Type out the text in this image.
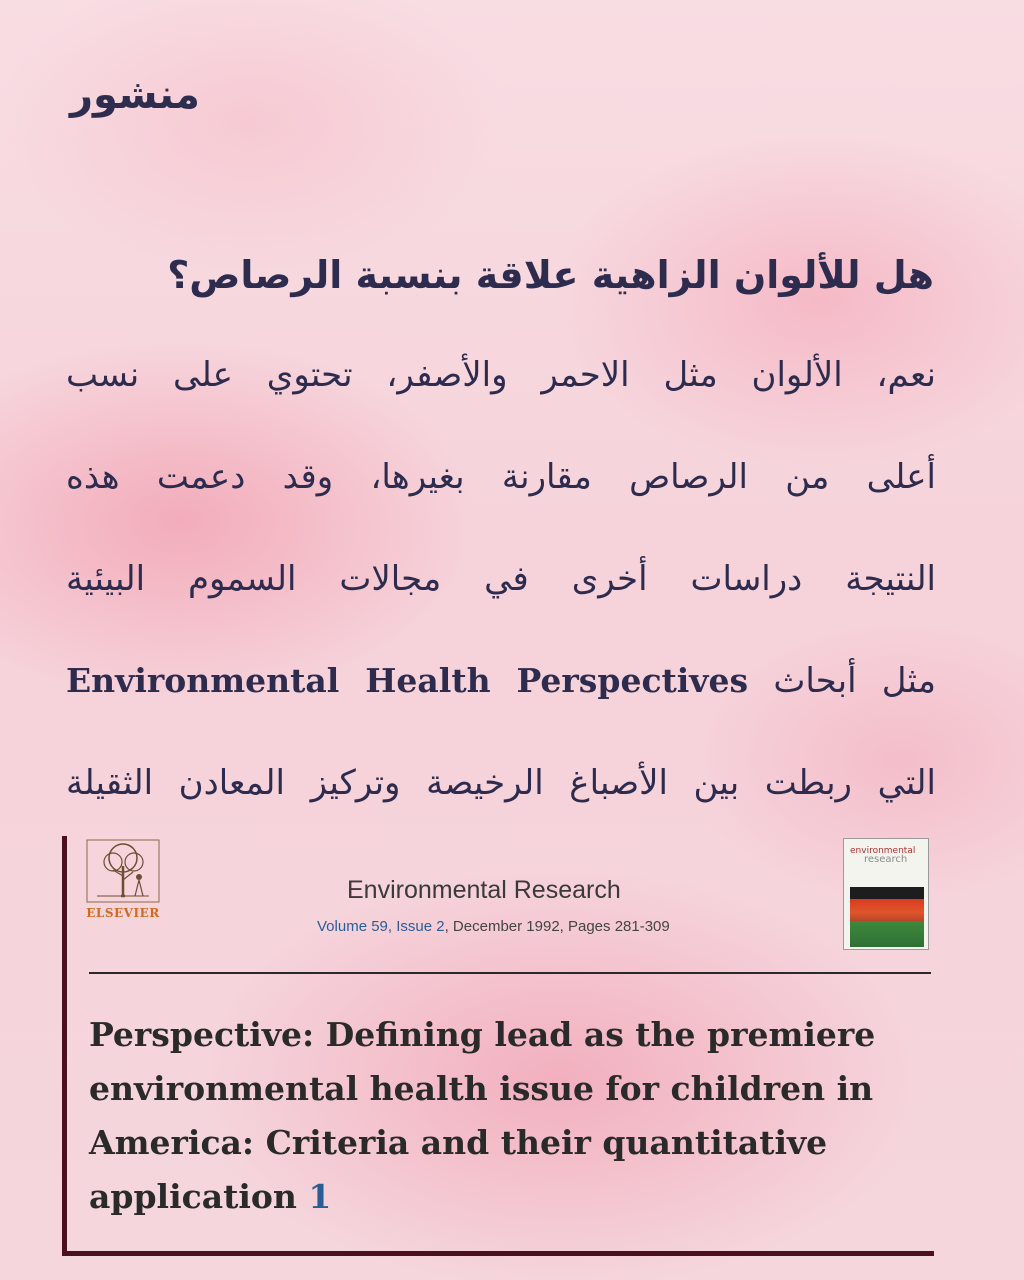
منشور
هل للألوان الزاهية علاقة بنسبة الرصاص؟
نعم، الألوان مثل الاحمر والأصفر، تحتوي على نسب
أعلى من الرصاص مقارنة بغيرها، وقد دعمت هذه
النتيجة دراسات أخرى في مجالات السموم البيئية
مثل أبحاث Environmental Health Perspectives
التي ربطت بين الأصباغ الرخيصة وتركيز المعادن الثقيلة
ELSEVIER
Environmental Research
Volume 59, Issue 2, December 1992, Pages 281-309
environmental
research
Perspective: Defining lead as the premiere environmental health issue for children in America: Criteria and their quantitative application 1
